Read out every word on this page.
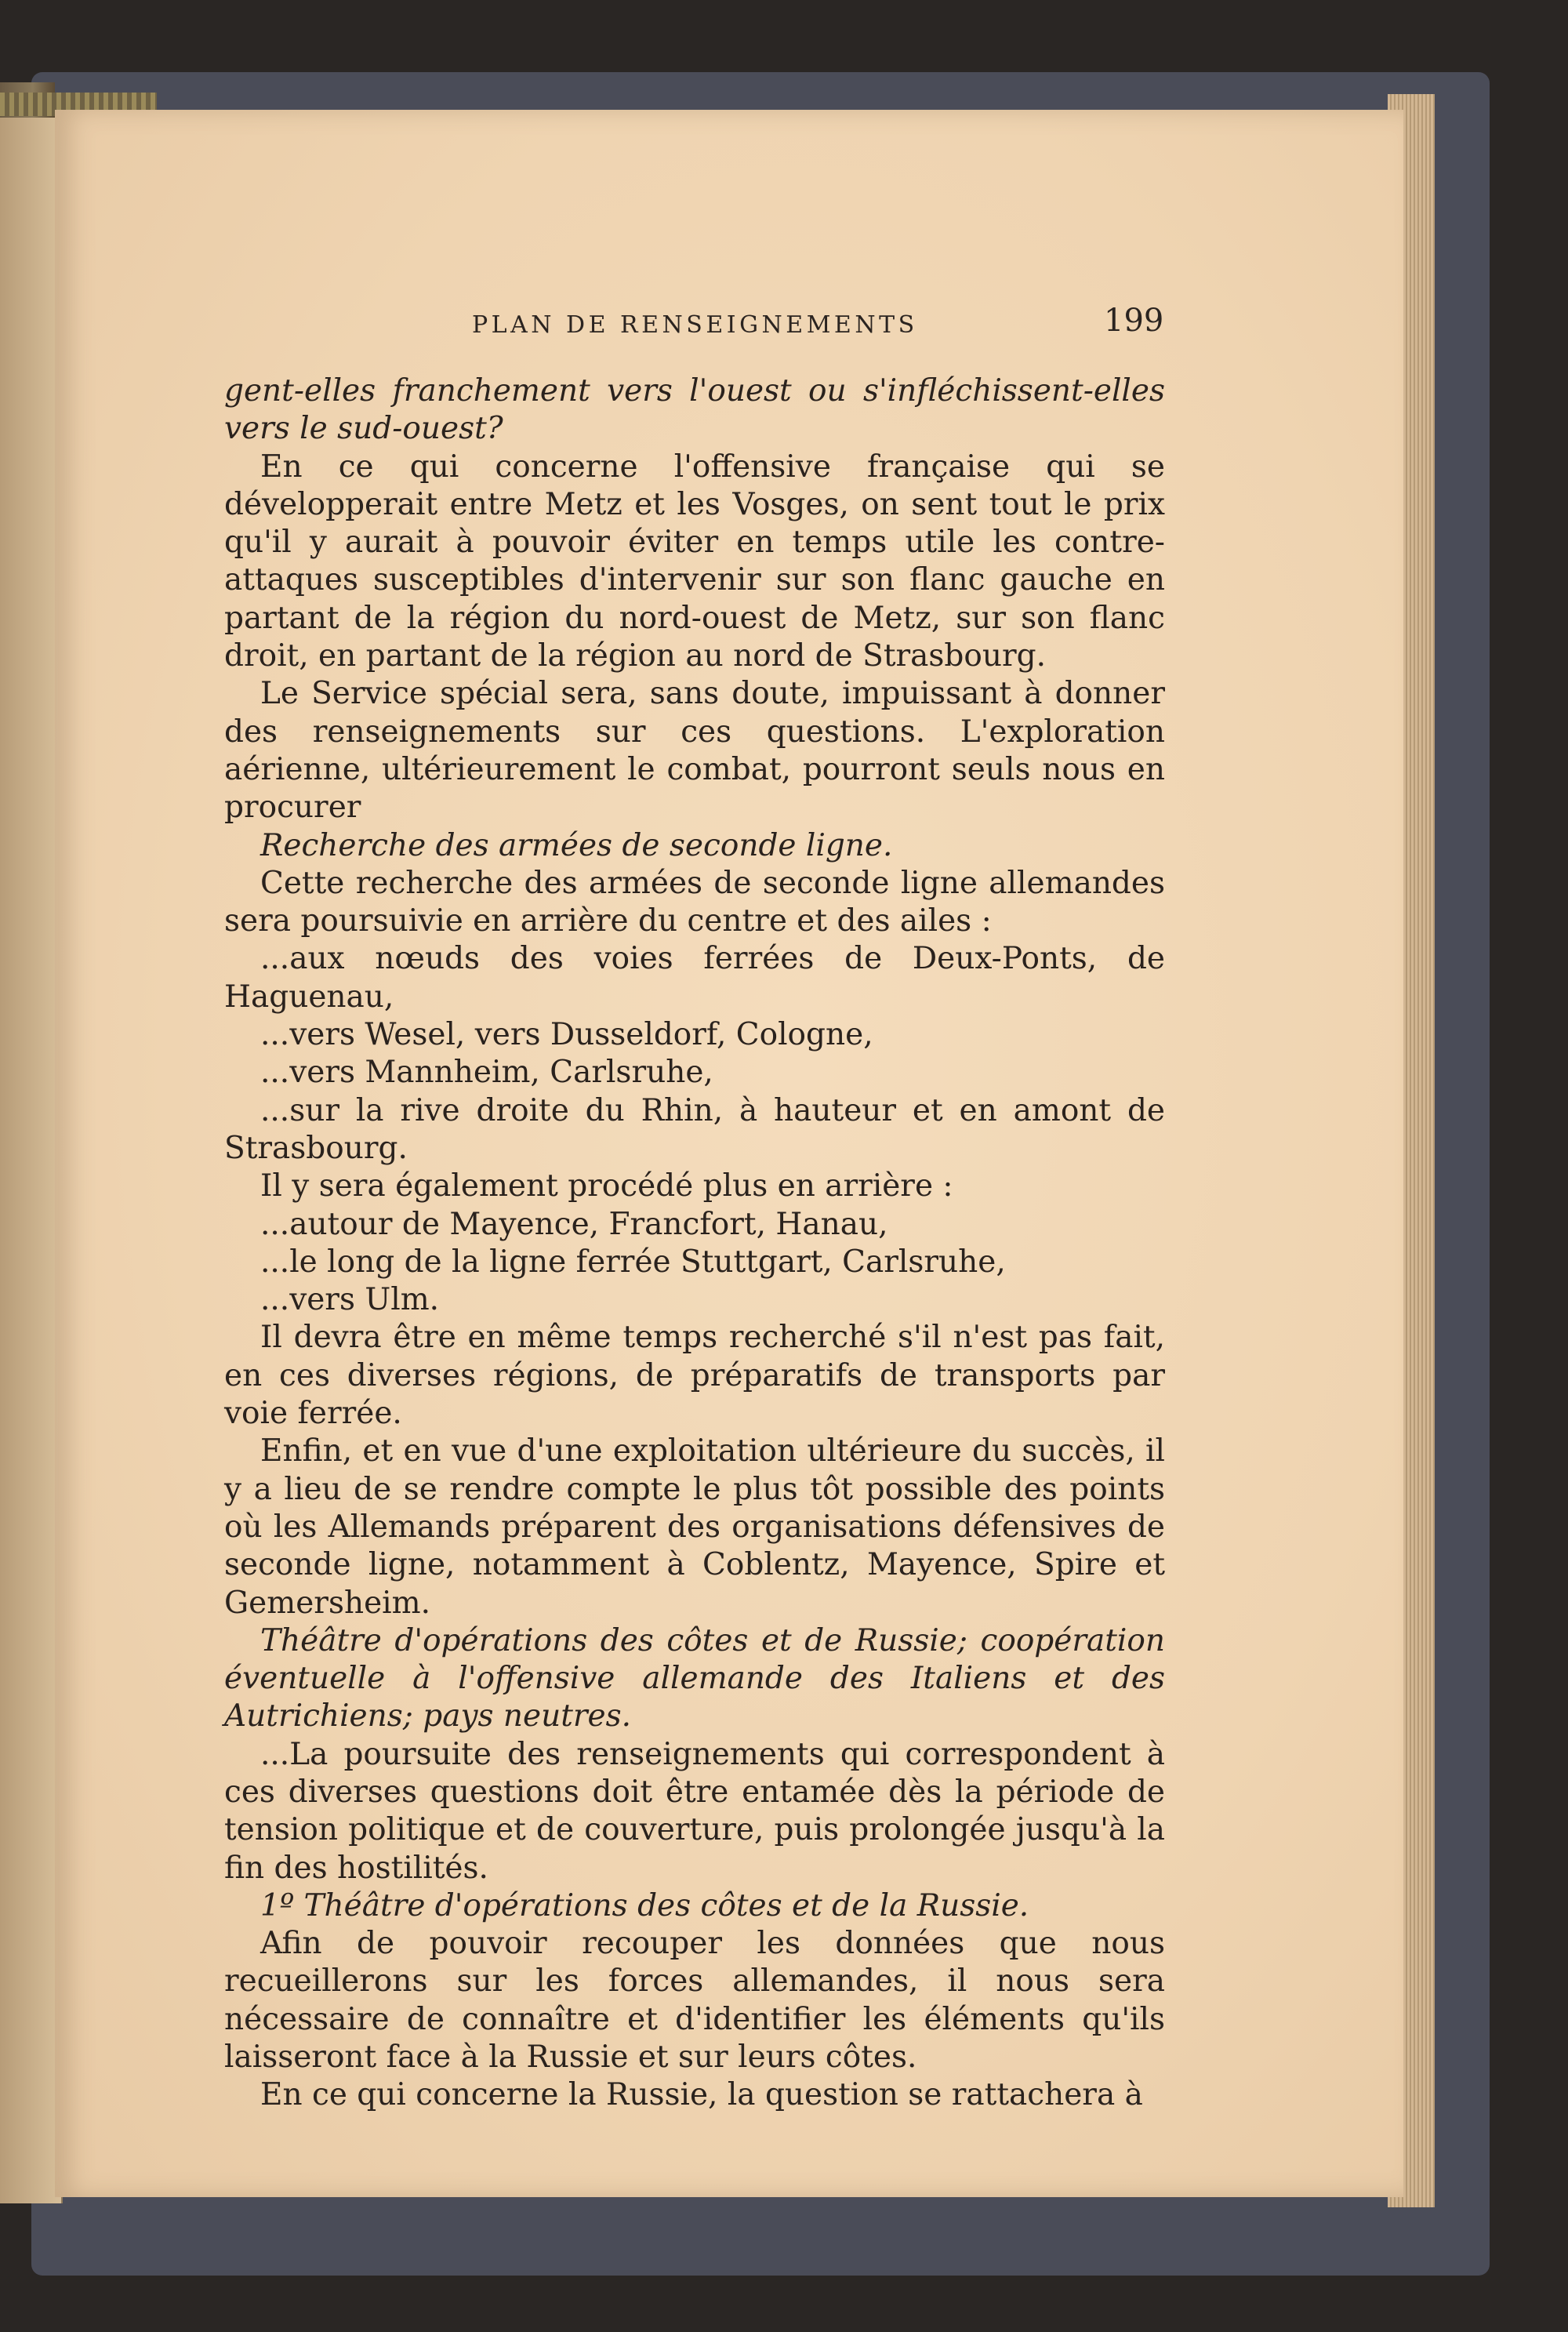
PLAN DE RENSEIGNEMENTS	199

gent-elles franchement vers l'ouest ou s'infléchissent-elles vers le sud-ouest?

En ce qui concerne l'offensive française qui se développerait entre Metz et les Vosges, on sent tout le prix qu'il y aurait à pouvoir éviter en temps utile les contre-attaques susceptibles d'intervenir sur son flanc gauche en partant de la région du nord-ouest de Metz, sur son flanc droit, en partant de la région au nord de Strasbourg.

Le Service spécial sera, sans doute, impuissant à donner des renseignements sur ces questions. L'exploration aérienne, ultérieurement le combat, pourront seuls nous en procurer

Recherche des armées de seconde ligne.

Cette recherche des armées de seconde ligne allemandes sera poursuivie en arrière du centre et des ailes :

...aux nœuds des voies ferrées de Deux-Ponts, de Haguenau,

...vers Wesel, vers Dusseldorf, Cologne,

...vers Mannheim, Carlsruhe,

...sur la rive droite du Rhin, à hauteur et en amont de Strasbourg.

Il y sera également procédé plus en arrière :

...autour de Mayence, Francfort, Hanau,

...le long de la ligne ferrée Stuttgart, Carlsruhe,

...vers Ulm.

Il devra être en même temps recherché s'il n'est pas fait, en ces diverses régions, de préparatifs de transports par voie ferrée.

Enfin, et en vue d'une exploitation ultérieure du succès, il y a lieu de se rendre compte le plus tôt possible des points où les Allemands préparent des organisations défensives de seconde ligne, notamment à Coblentz, Mayence, Spire et Gemersheim.

Théâtre d'opérations des côtes et de Russie; coopération éventuelle à l'offensive allemande des Italiens et des Autrichiens; pays neutres.

...La poursuite des renseignements qui correspondent à ces diverses questions doit être entamée dès la période de tension politique et de couverture, puis prolongée jusqu'à la fin des hostilités.

1º Théâtre d'opérations des côtes et de la Russie.

Afin de pouvoir recouper les données que nous recueillerons sur les forces allemandes, il nous sera nécessaire de connaître et d'identifier les éléments qu'ils laisseront face à la Russie et sur leurs côtes.

En ce qui concerne la Russie, la question se rattachera à
